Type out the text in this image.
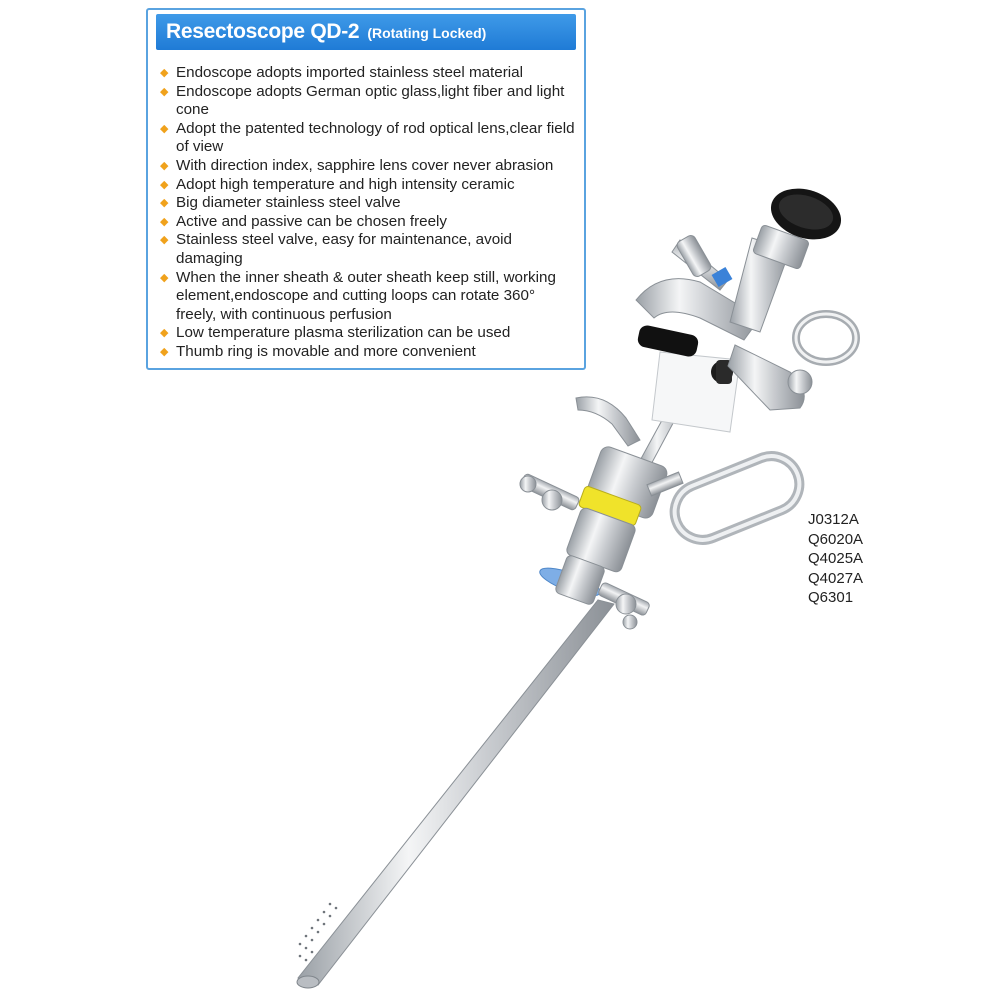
Resectoscope QD-2 (Rotating Locked)
◆ Endoscope adopts imported stainless steel material
◆ Endoscope adopts German optic glass,light fiber and light cone
◆ Adopt the patented technology of rod optical lens,clear field of view
◆ With direction index, sapphire lens cover never abrasion
◆ Adopt high temperature and high intensity ceramic
◆ Big diameter stainless steel valve
◆ Active and passive can be chosen freely
◆ Stainless steel valve, easy for maintenance, avoid damaging
◆ When the inner sheath & outer sheath keep still, working element,endoscope and cutting loops can rotate 360° freely, with continuous perfusion
◆ Low temperature plasma sterilization can be used
◆ Thumb ring is movable and more convenient
J0312A
Q6020A
Q4025A
Q4027A
Q6301
